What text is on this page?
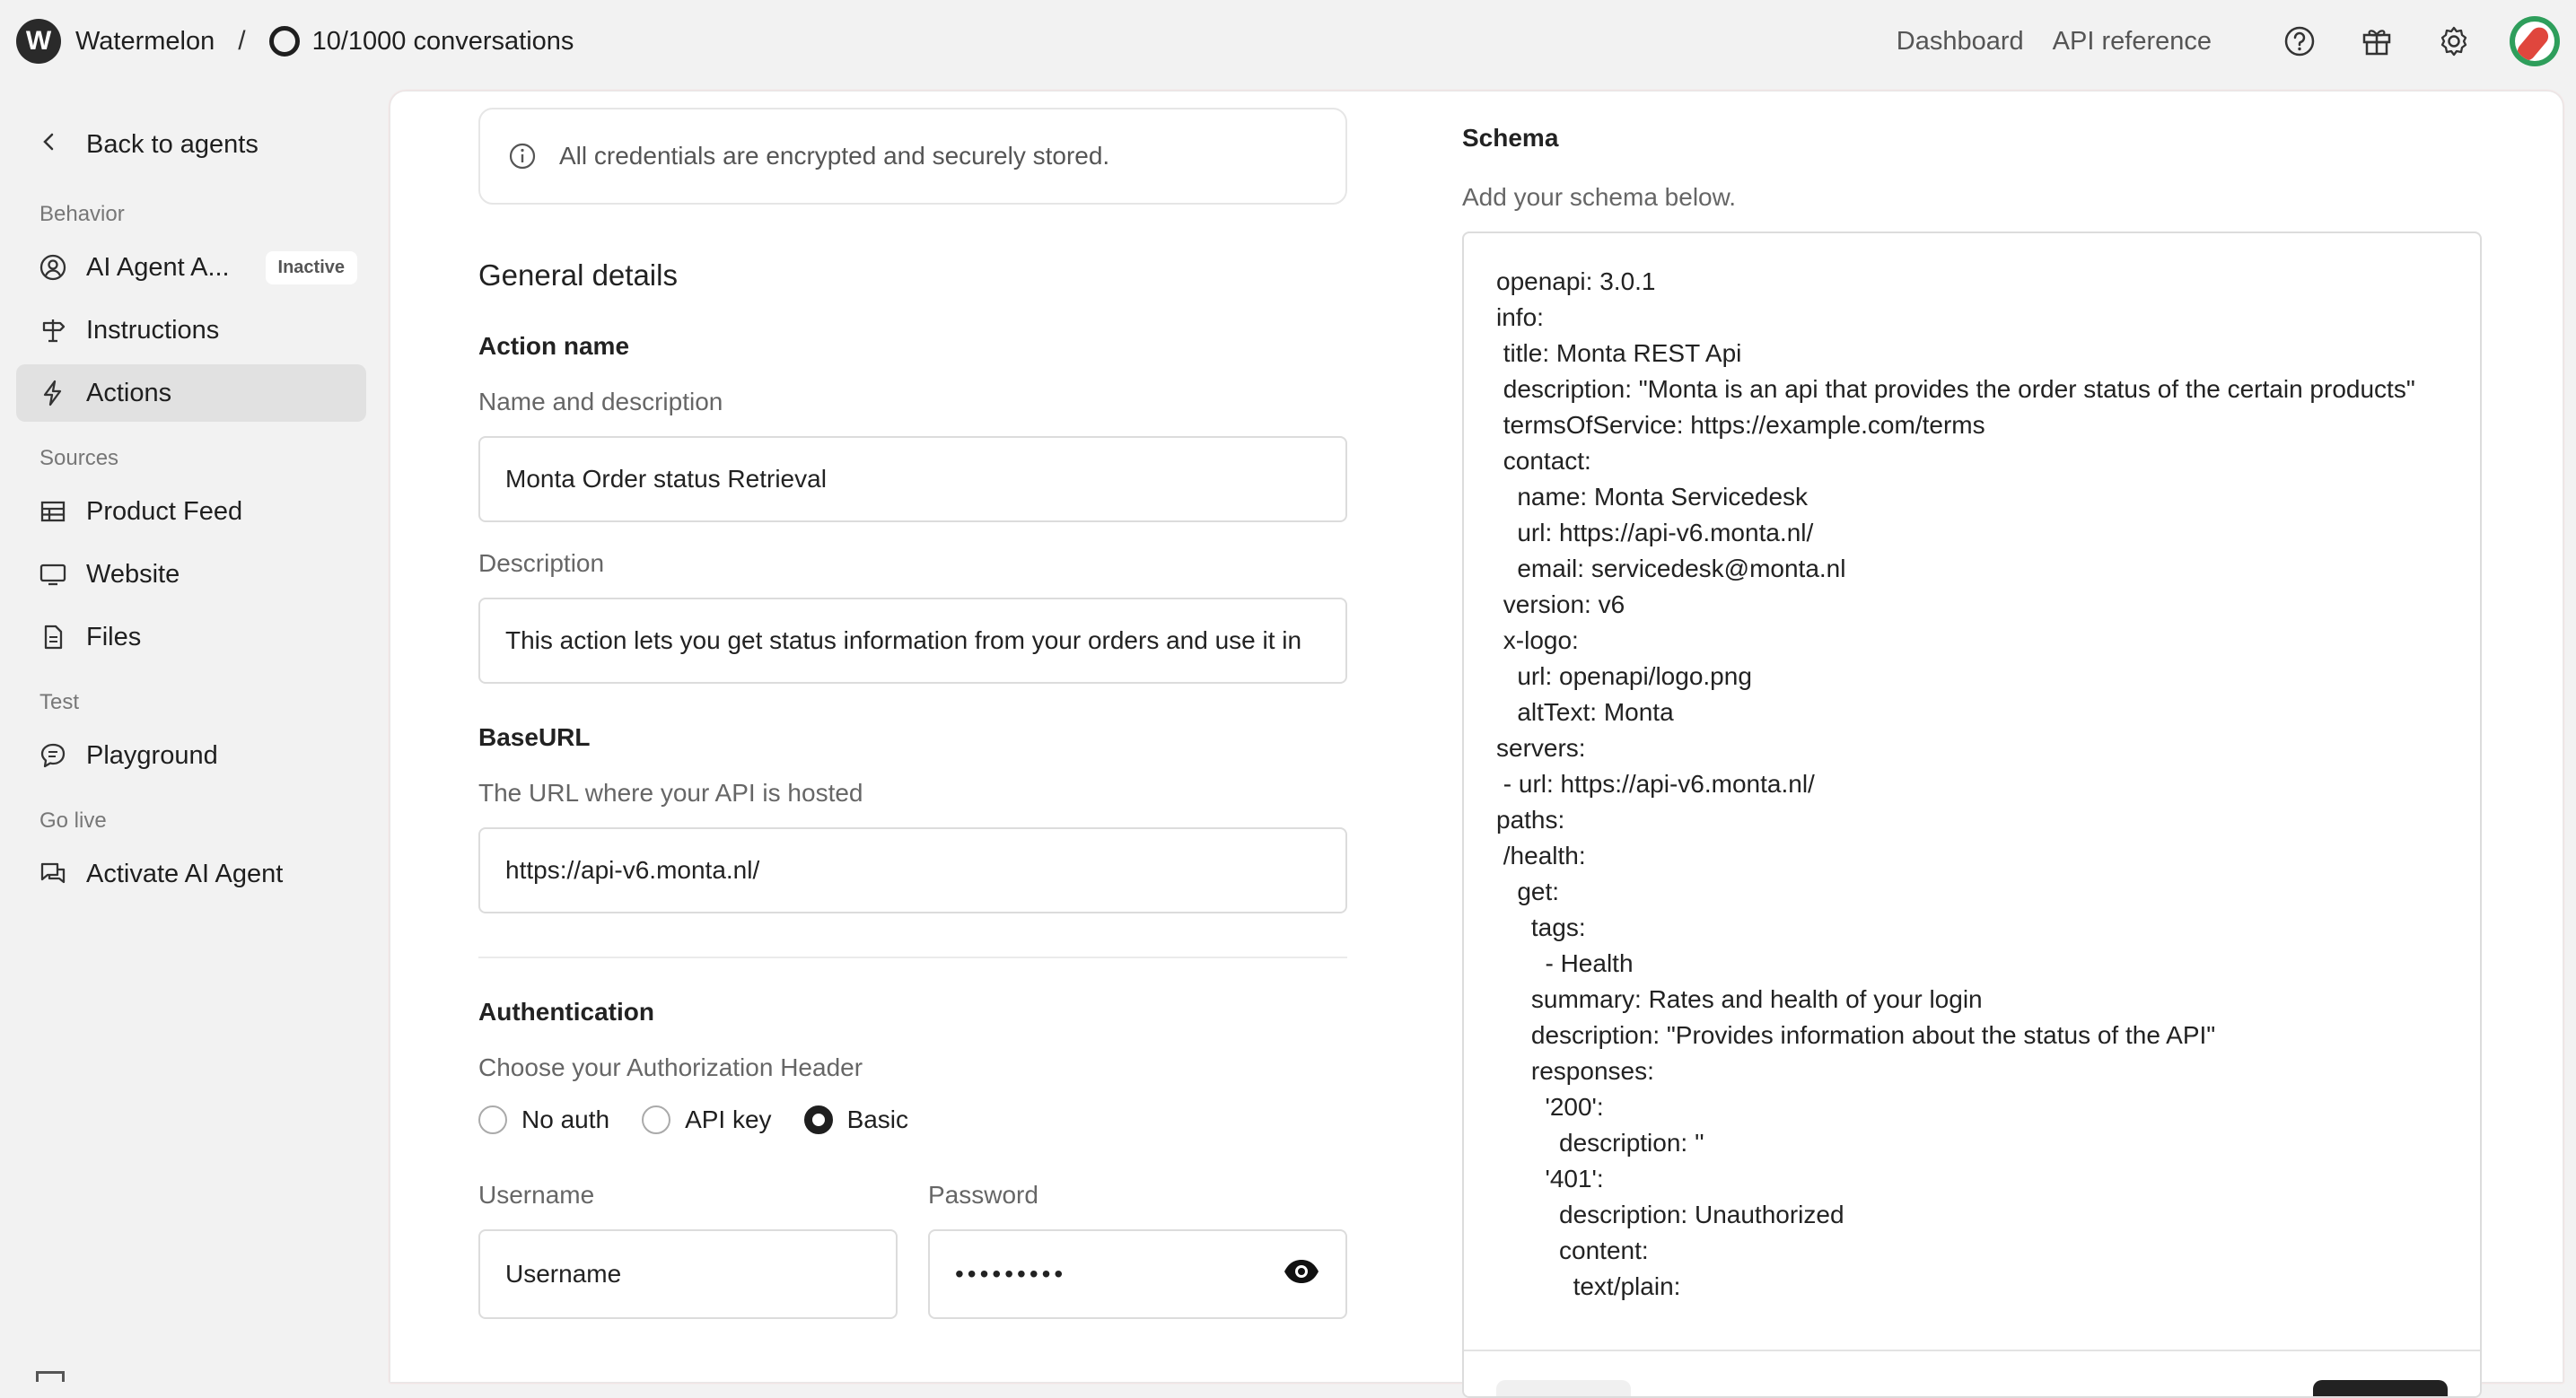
W Watermelon /	10/1000 conversations	Dashboard API reference
Back to agents
Behavior
AI Agent A...	Inactive
Instructions
Actions
Sources
Product Feed
Website
Files
Test
Playground
Go live
Activate AI Agent
All credentials are encrypted and securely stored.
General details
Action name
Name and description
Monta Order status Retrieval
Description
This action lets you get status information from your orders and use it in
BaseURL
The URL where your API is hosted
https://api-v6.monta.nl/
Authentication
Choose your Authorization Header
No auth	API key	Basic
Username
Username
Password
•••••••••
Schema
Add your schema below.
openapi: 3.0.1
info:
title: Monta REST Api
description: "Monta is an api that provides the order status of the certain products"
termsOfService: https://example.com/terms
contact:
name: Monta Servicedesk
url: https://api-v6.monta.nl/
email: servicedesk@monta.nl
version: v6
x-logo:
url: openapi/logo.png
altText: Monta
servers:
- url: https://api-v6.monta.nl/
paths:
/health:
get:
tags:
- Health
summary: Rates and health of your login
description: "Provides information about the status of the API"
responses:
'200':
description: ''
'401':
description: Unauthorized
content:
text/plain:
